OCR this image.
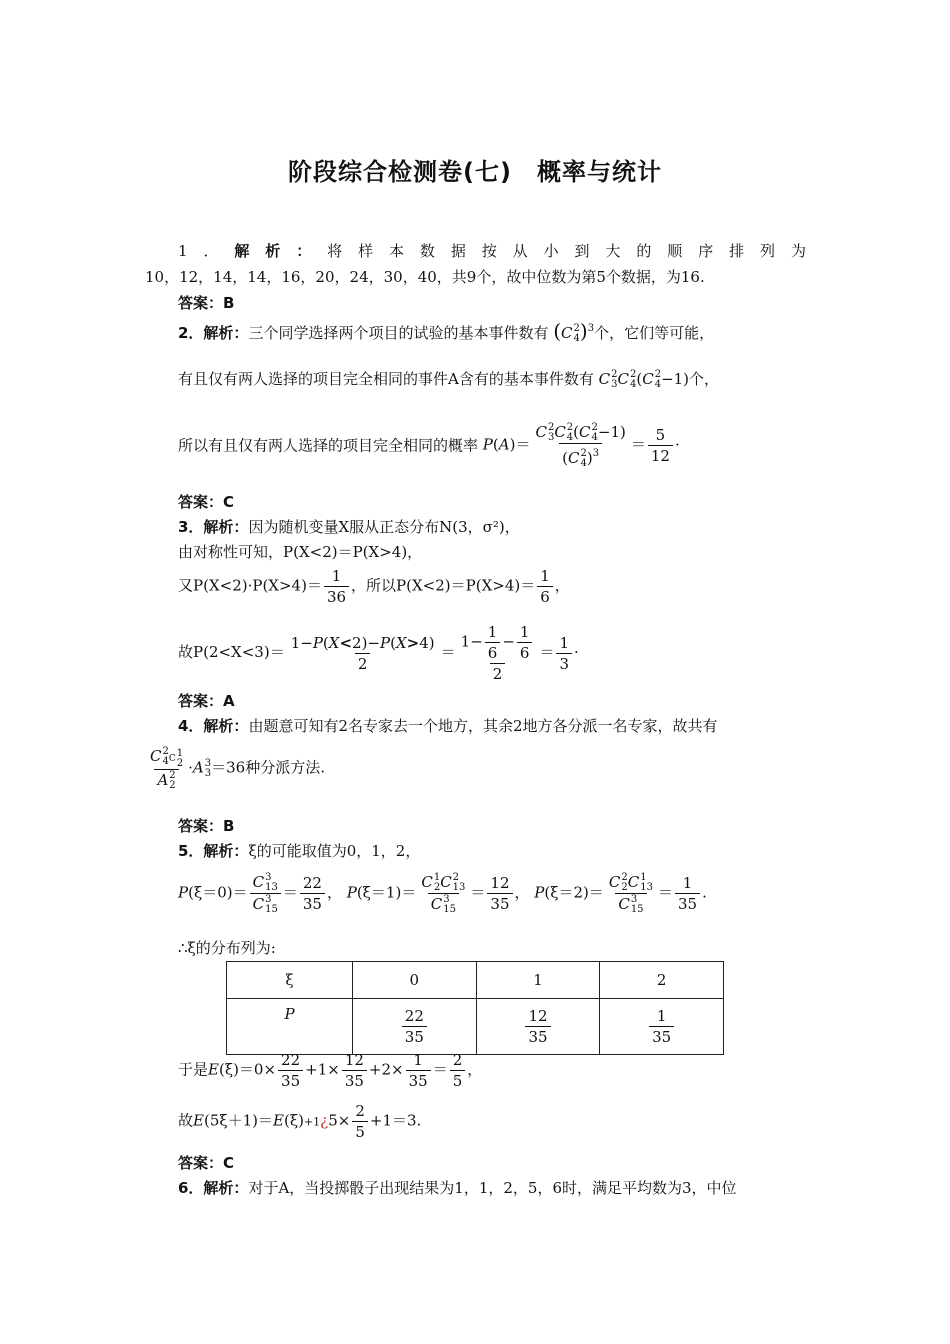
阶段综合检测卷(七)　概率与统计
1 ． 解 析 ： 将 样 本 数 据 按 从 小 到 大 的 顺 序 排 列 为
10，12，14，14，16，20，24，30，40，共9个，故中位数为第5个数据，为16.
答案：B
2．解析：三个同学选择两个项目的试验的基本事件数有 (C 2
4 )$^3$个，它们等可能，
有且仅有两人选择的项目完全相同的事件A含有的基本事件数有 C 2
3 C 2
4 (C 2
4 −1)个，
所以有且仅有两人选择的项目完全相同的概率 P(A)＝ C 2
3 C 2
4 (C 2
4 −1)
(C 2
4 )$^3 = \frac{5}{12}$ ·
答案：C
3．解析：因为随机变量X服从正态分布N(3，σ²)，
由对称性可知，P(X<2)＝P(X>4)，
又$P(X<2)\cdot P(X>4)= \frac{1}{36}$ ，所以$P(X<2)=P(X>4)= \frac{1}{6}$ ，
故$P(2<X<3)= \frac{1-P(X<2)-P(X>4)}{2} = \frac{1- \frac{1}{6} - \frac{1}{6}}{2} = \frac{1}{3}$ ·
答案：A
4．解析：由题意可知有2名专家去一个地方，其余2地方各分派一名专家，故共有
C 2
4 C
1
2
A 2
2 ·A 3
3 ＝36种分派方法.
答案：B
5．解析：ξ的可能取值为0，1，2，
P(ξ＝0)＝ C 3
13
C 3
$15 = \frac{22}{35}$ ， P(ξ＝1)＝ C 1
2 C 2
13
C 3
$15 = \frac{12}{35}$ ， P(ξ＝2)＝ C 2
2 C 1
13
C 3
$15 = \frac{1}{35}$ .
∴ξ的分布列为:
ξ	0	1	2
P	$\frac{22}{35}$	$\frac{12}{35}$	$\frac{1}{35}$
于是$E(\xi)=0\times \frac{22}{35} +1\times \frac{12}{35} +2\times \frac{1}{35} = \frac{2}{5}$ ，
故E(5ξ＋1)＝E(ξ)+1¿5× $\frac{2}{5} +1=3$.
答案：C
6．解析：对于A，当投掷骰子出现结果为1，1，2，5，6时，满足平均数为3，中位
